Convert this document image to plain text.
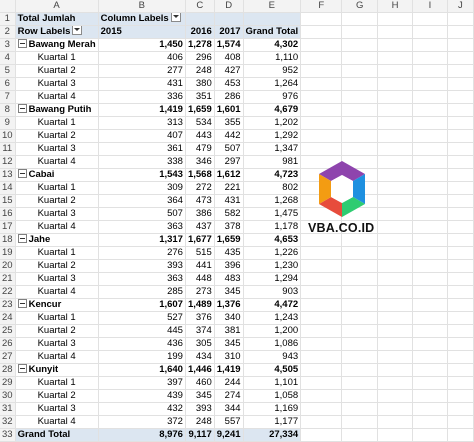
	A	B	C	D	E	F	G	H	I	J
1	Total Jumlah	Column Labels								
2	Row Labels	2015	2016	2017	Grand Total					
3	Bawang Merah	1,450	1,278	1,574	4,302					
4	Kuartal 1	406	296	408	1,110					
5	Kuartal 2	277	248	427	952					
6	Kuartal 3	431	380	453	1,264					
7	Kuartal 4	336	351	286	976					
8	Bawang Putih	1,419	1,659	1,601	4,679					
9	Kuartal 1	313	534	355	1,202					
10	Kuartal 2	407	443	442	1,292					
11	Kuartal 3	361	479	507	1,347					
12	Kuartal 4	338	346	297	981					
13	Cabai	1,543	1,568	1,612	4,723					
14	Kuartal 1	309	272	221	802					
15	Kuartal 2	364	473	431	1,268					
16	Kuartal 3	507	386	582	1,475					
17	Kuartal 4	363	437	378	1,178					
18	Jahe	1,317	1,677	1,659	4,653					
19	Kuartal 1	276	515	435	1,226					
20	Kuartal 2	393	441	396	1,230					
21	Kuartal 3	363	448	483	1,294					
22	Kuartal 4	285	273	345	903					
23	Kencur	1,607	1,489	1,376	4,472					
24	Kuartal 1	527	376	340	1,243					
25	Kuartal 2	445	374	381	1,200					
26	Kuartal 3	436	305	345	1,086					
27	Kuartal 4	199	434	310	943					
28	Kunyit	1,640	1,446	1,419	4,505					
29	Kuartal 1	397	460	244	1,101					
30	Kuartal 2	439	345	274	1,058					
31	Kuartal 3	432	393	344	1,169					
32	Kuartal 4	372	248	557	1,177					
33	Grand Total	8,976	9,117	9,241	27,334					
VBA.CO.ID
